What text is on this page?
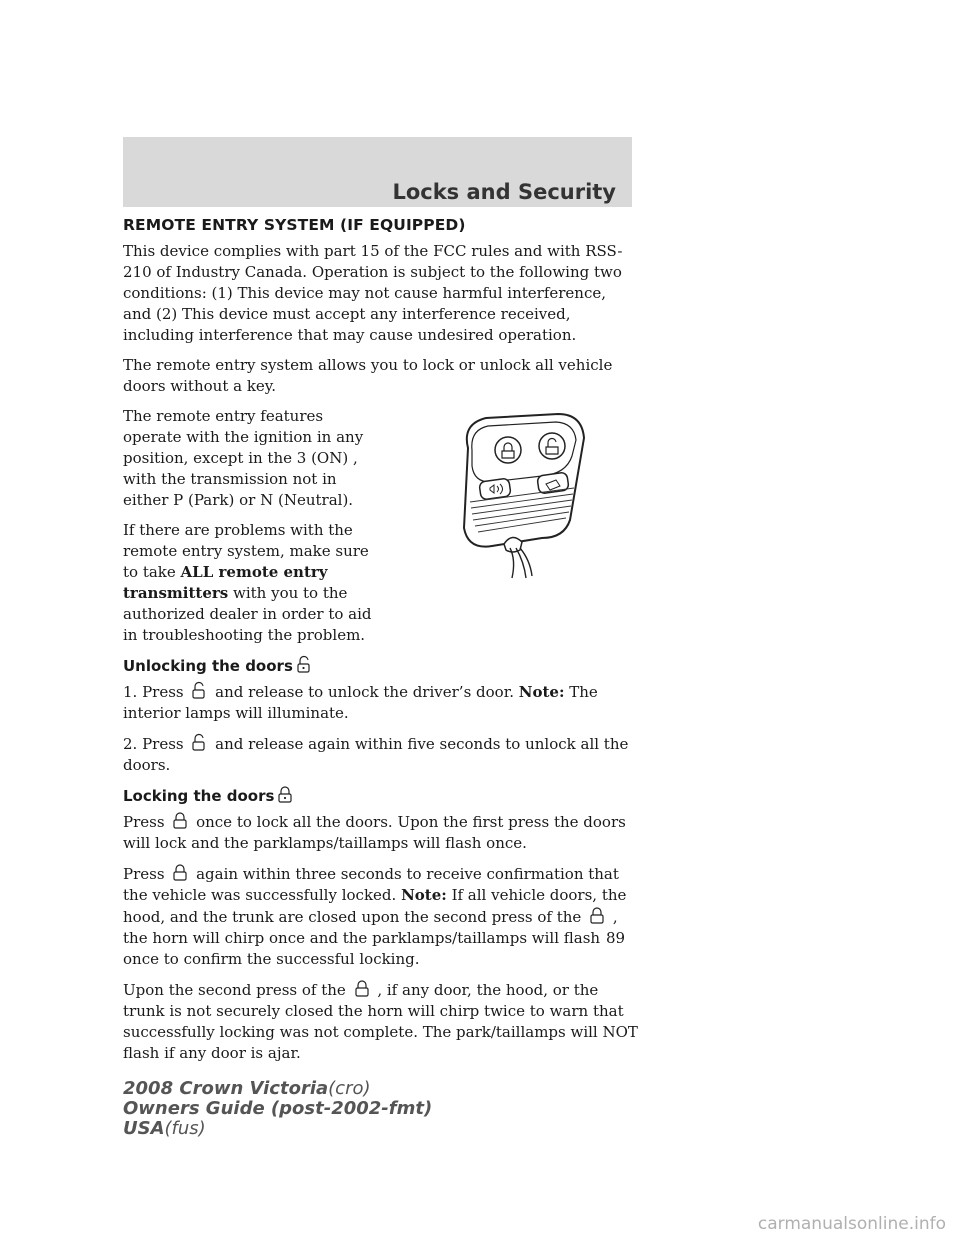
Locks and Security
REMOTE ENTRY SYSTEM (IF EQUIPPED)

This device complies with part 15 of the FCC rules and with RSS-210 of Industry Canada. Operation is subject to the following two conditions: (1) This device may not cause harmful interference, and (2) This device must accept any interference received, including interference that may cause undesired operation.

The remote entry system allows you to lock or unlock all vehicle doors without a key.

The remote entry features operate with the ignition in any position, except in the 3 (ON) , with the transmission not in either P (Park) or N (Neutral).

If there are problems with the remote entry system, make sure to take ALL remote entry transmitters with you to the authorized dealer in order to aid in troubleshooting the problem.

Unlocking the doors

1. Press
and release to unlock the driver’s door. Note: The interior lamps will illuminate.

2. Press
and release again within five seconds to unlock all the doors.

Locking the doors

Press
once to lock all the doors. Upon the first press the doors will lock and the parklamps/taillamps will flash once.

Press
again within three seconds to receive confirmation that the vehicle was successfully locked. Note: If all vehicle doors, the hood, and the trunk are closed upon the second press of the
, the horn will chirp once and the parklamps/taillamps will flash once to confirm the successful locking.

Upon the second press of the
, if any door, the hood, or the trunk is not securely closed the horn will chirp twice to warn that successfully locking was not complete. The park/taillamps will NOT flash if any door is ajar.

89
2008 Crown Victoria(cro)
Owners Guide (post-2002-fmt)
USA(fus)
carmanualsonline.info
